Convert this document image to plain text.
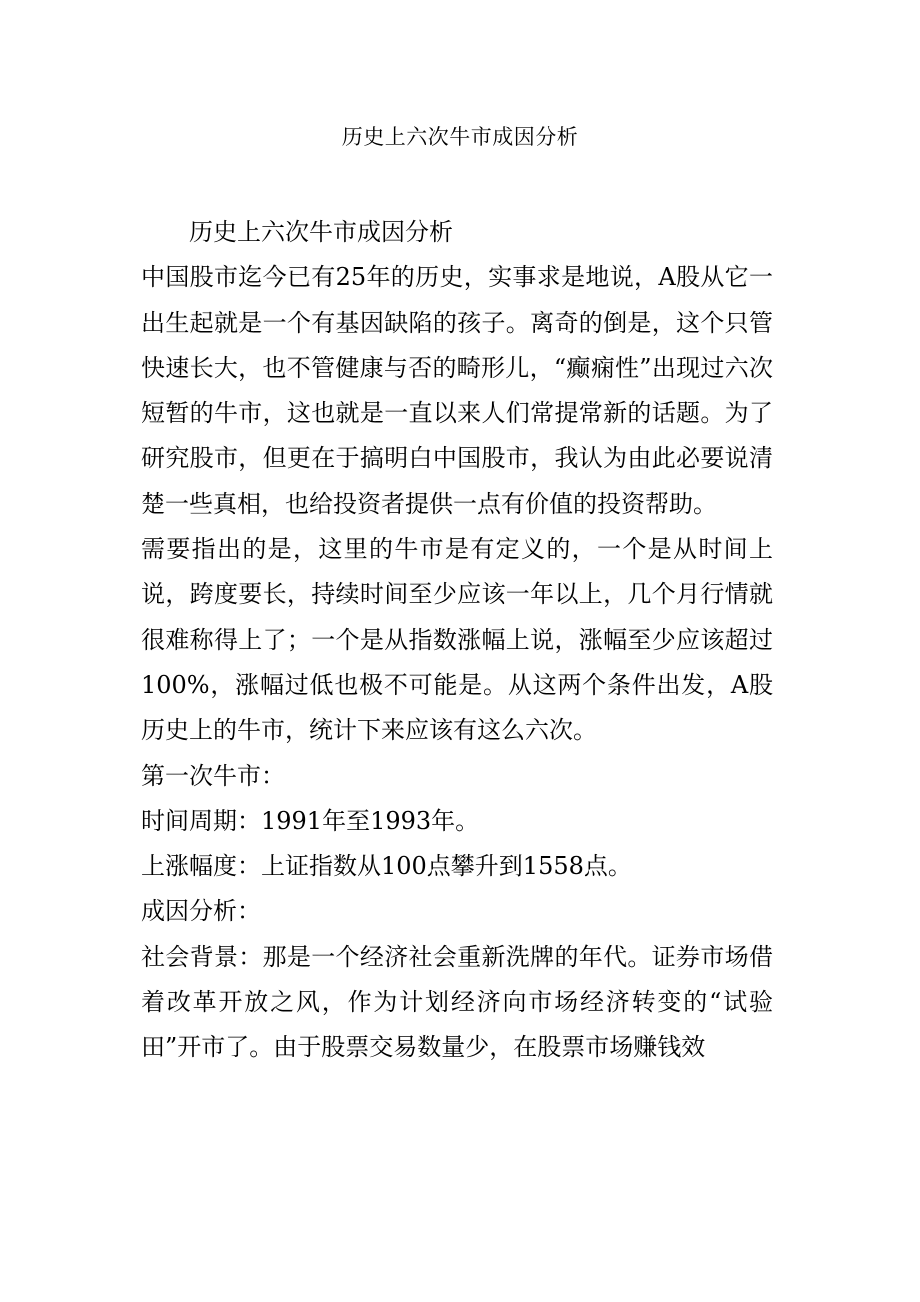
历史上六次牛市成因分析

历史上六次牛市成因分析

中国股市迄今已有25年的历史，实事求是地说，A股从它一出生起就是一个有基因缺陷的孩子。离奇的倒是，这个只管快速长大，也不管健康与否的畸形儿，“癫痫性”出现过六次短暂的牛市，这也就是一直以来人们常提常新的话题。为了研究股市，但更在于搞明白中国股市，我认为由此必要说清楚一些真相，也给投资者提供一点有价值的投资帮助。

需要指出的是，这里的牛市是有定义的，一个是从时间上说，跨度要长，持续时间至少应该一年以上，几个月行情就很难称得上了；一个是从指数涨幅上说，涨幅至少应该超过100%，涨幅过低也极不可能是。从这两个条件出发，A股历史上的牛市，统计下来应该有这么六次。

第一次牛市：

时间周期：1991年至1993年。

上涨幅度：上证指数从100点攀升到1558点。

成因分析：

社会背景：那是一个经济社会重新洗牌的年代。证券市场借着改革开放之风，作为计划经济向市场经济转变的“试验田”开市了。由于股票交易数量少，在股票市场赚钱效
